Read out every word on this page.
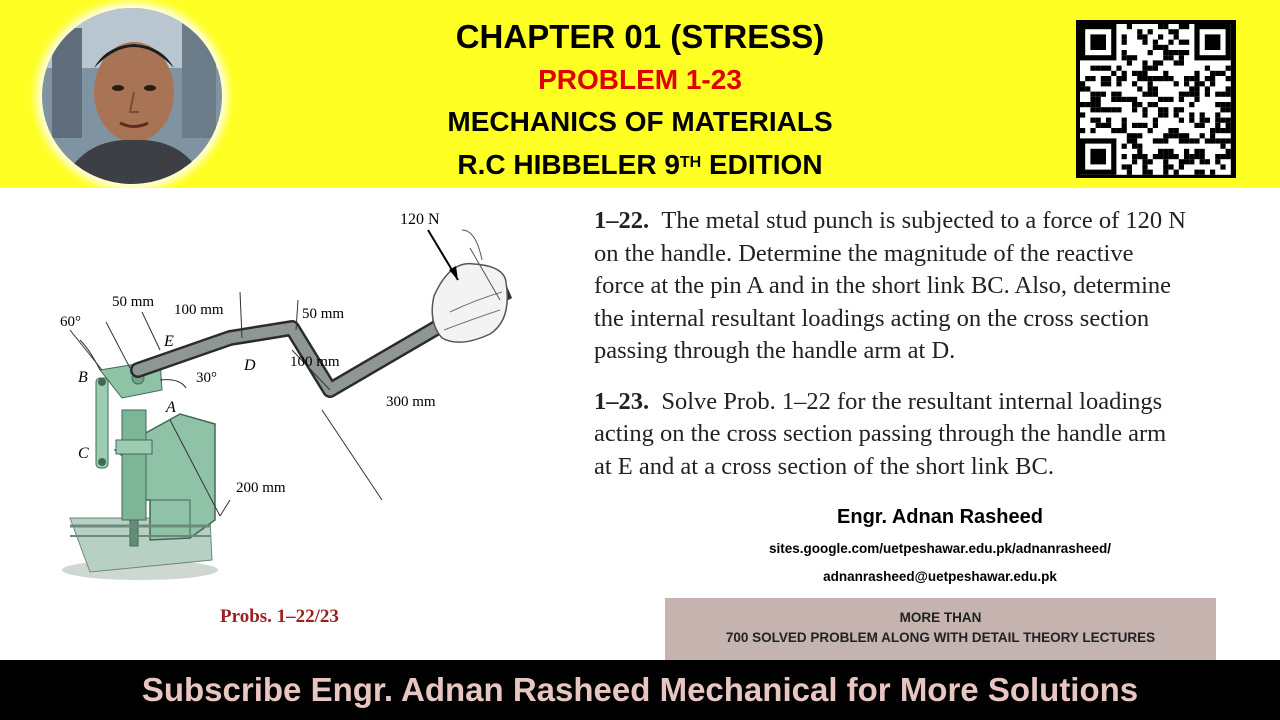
CHAPTER 01 (STRESS)
PROBLEM 1-23
MECHANICS OF MATERIALS
R.C HIBBELER 9TH EDITION
120 N
50 mm 100 mm	50 mm
100 mm
300 mm
200 mm
60°
30°
A
B
C
D
E
Probs. 1–22/23

1–22. The metal stud punch is subjected to a force of 120 N
on the handle. Determine the magnitude of the reactive
force at the pin A and in the short link BC. Also, determine
the internal resultant loadings acting on the cross section
passing through the handle arm at D.

1–23. Solve Prob. 1–22 for the resultant internal loadings
acting on the cross section passing through the handle arm
at E and at a cross section of the short link BC.

Engr. Adnan Rasheed
sites.google.com/uetpeshawar.edu.pk/adnanrasheed/
adnanrasheed@uetpeshawar.edu.pk
MORE THAN
700 SOLVED PROBLEM ALONG WITH DETAIL THEORY LECTURES
Subscribe Engr. Adnan Rasheed Mechanical for More Solutions
